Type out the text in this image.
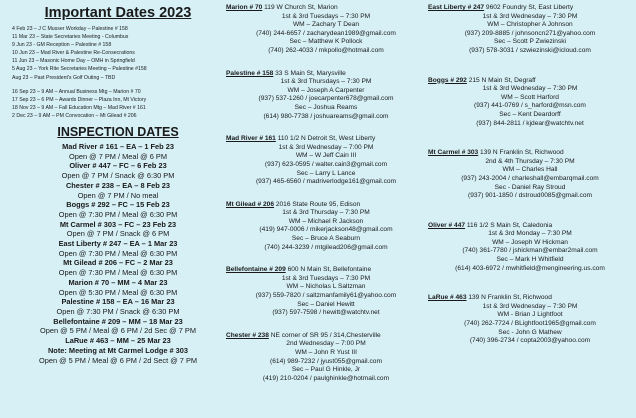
Important Dates 2023
4 Feb 23 – J C Musser Workday – Palestine # 158
11 Mar 23 – State Secretaries Meeting - Columbus
9 Jun 23 - GM Reception – Palestine # 158
10 Jun 23 – Mad River & Palestine Re-Consecrations
11 Jun 23 – Masonic Home Day – OMH in Springfield
5 Aug 23 – York Rite Secretaries Meeting – Palestine #158
Aug 23 – Past President's Golf Outing – TBD
16 Sep 23 – 9 AM – Annual Business Mtg – Marion # 70
17 Sep 23 – 6 PM – Awards Dinner – Plaza Inn, Mt Victory
18 Nov 23 – 9 AM – Fall Education Mtg – Mad River # 161
2 Dec 23 – 9 AM – PM Convocation – Mt Gilead # 206
INSPECTION DATES
Mad River # 161 – EA – 1 Feb 23
Open @ 7 PM / Meal @ 6 PM
Oliver # 447 – FC – 6 Feb 23
Open @ 7 PM / Snack @ 6:30 PM
Chester # 238 – EA – 8 Feb 23
Open @ 7 PM / No meal
Boggs # 292 – FC – 15 Feb 23
Open @ 7:30 PM / Meal @ 6:30 PM
Mt Carmel # 303 – FC – 23 Feb 23
Open @ 7 PM / Snack @ 6 PM
East Liberty # 247 – EA – 1 Mar 23
Open @ 7:30 PM / Meal @ 6:30 PM
Mt Gilead # 206 – FC – 2 Mar 23
Open @ 7:30 PM / Meal @ 6:30 PM
Marion # 70 – MM – 4 Mar 23
Open @ 5:30 PM / Meal @ 6:30 PM
Palestine # 158 – EA – 16 Mar 23
Open @ 7:30 PM / Snack @ 6:30 PM
Bellefontaine # 209 – MM – 18 Mar 23
Open @ 5 PM / Meal @ 6 PM / 2d Sec @ 7 PM
LaRue # 463 – MM – 25 Mar 23
Note: Meeting at Mt Carmel Lodge # 303
Open @ 5 PM / Meal @ 6 PM / 2d Sect @ 7 PM
Marion # 70 119 W Church St, Marion
1st & 3rd Tuesdays – 7:30 PM
WM – Zachary T Dean
(740) 244-6657 / zacharydean1989@gmail.com
Sec – Matthew K Pollock
(740) 262-4033 / mkpollo@hotmail.com
Palestine # 158 33 S Main St, Marysville
1st & 3rd Thursdays – 7:30 PM
WM – Joseph A Carpenter
(937) 537-1260 / joecarpenter678@gmail.com
Sec – Joshua Reams
(614) 980-7738 / joshuareams@gmail.com
Mad River # 161 110 1/2 N Detroit St, West Liberty
1st & 3rd Wednesday – 7:00 PM
WM – W Jeff Cain III
(937) 623-0595 / walter.cain3@gmail.com
Sec – Larry L Lance
(937) 465-6560 / madriverlodge161@gmail.com
Mt Gilead # 206 2016 State Route 95, Edison
1st & 3rd Thursday – 7:30 PM
WM – Michael R Jackson
(419) 947-0006 / mikerjackson48@gmail.com
Sec – Bruce A Seaburn
(740) 244-3239 / mtgilead206@gmail.com
Bellefontaine # 209 600 N Main St, Bellefontaine
1st & 3rd Tuesdays – 7:30 PM
WM – Nicholas L Saltzman
(937) 559-7820 / saltzmanfamily61@yahoo.com
Sec – Daniel Hewitt
(937) 597-7598 / hewitt@watchtv.net
Chester # 238 NE corner of SR 95 / 314,Chesterville
2nd Wednesday – 7:00 PM
WM – John R Yust III
(614) 989-7232 / jyust055@gmail.com
Sec – Paul G Hinkle, Jr
(419) 210-0204 / paulghinkle@hotmail.com
East Liberty # 247 9602 Foundry St, East Liberty
1st & 3rd Wednesday – 7:30 PM
WM – Christopher A Johnson
(937) 209-8885 / johnsoncn271@yahoo.com
Sec – Scott P Zwiezinski
(937) 578-3031 / szwiezinski@icloud.com
Boggs # 292 215 N Main St, Degraff
1st & 3rd Wednesday – 7:30 PM
WM – Scott Harford
(937) 441-0769 / s_harford@msn.com
Sec – Kent Deardorff
(937) 844-2811 / kjdear@watchtv.net
Mt Carmel # 303 139 N Franklin St, Richwood
2nd & 4th Thursday – 7:30 PM
WM – Charles Hall
(937) 243-2004 / charleshall@embarqmail.com
Sec - Daniel Ray Stroud
(937) 901-1850 / dstroud0085@gmail.com
Oliver # 447 116 1/2 S Main St, Caledonia
1st & 3rd Monday – 7:30 PM
WM – Joseph W Hickman
(740) 361-7780 / jshickman@embar2mail.com
Sec – Mark H Whitfield
(614) 403-6972 / mwhitfield@mengineering.us.com
LaRue # 463 139 N Franklin St, Richwood
1st & 3rd Wednesday – 7:30 PM
WM - Brian J Lightfoot
(740) 262-7724 / BLightfoot1965@gmail.com
Sec - John G Mathew
(740) 396-2734 / copta2003@yahoo.com
